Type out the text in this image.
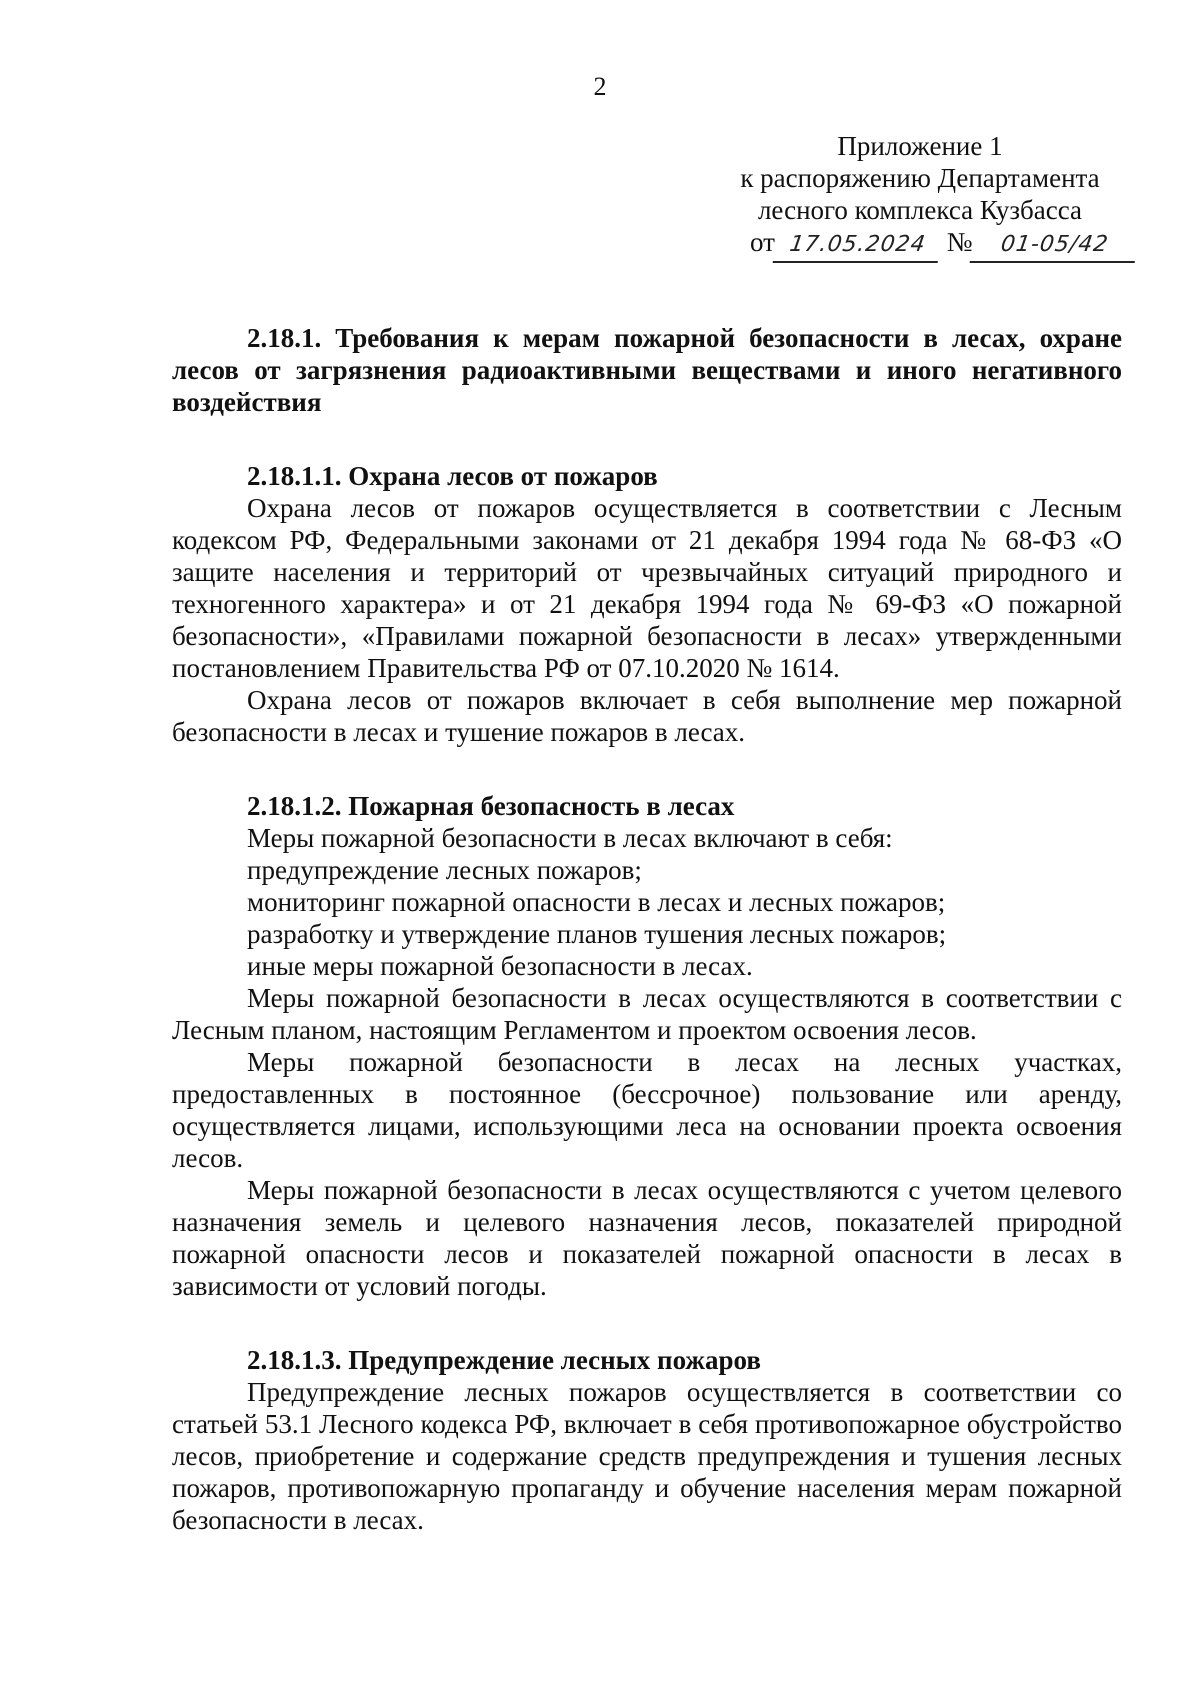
2
Приложение 1
к распоряжению Департамента
лесного комплекса Кузбасса
от 17.05.2024 № 01-05/42

2.18.1. Требования к мерам пожарной безопасности в лесах, охране лесов от загрязнения радиоактивными веществами и иного негативного воздействия

2.18.1.1. Охрана лесов от пожаров

Охрана лесов от пожаров осуществляется в соответствии с Лесным кодексом РФ, Федеральными законами от 21 декабря 1994 года № 68-ФЗ «О защите населения и территорий от чрезвычайных ситуаций природного и техногенного характера» и от 21 декабря 1994 года № 69-ФЗ «О пожарной безопасности», «Правилами пожарной безопасности в лесах» утвержденными постановлением Правительства РФ от 07.10.2020 № 1614.

Охрана лесов от пожаров включает в себя выполнение мер пожарной безопасности в лесах и тушение пожаров в лесах.

2.18.1.2. Пожарная безопасность в лесах

Меры пожарной безопасности в лесах включают в себя:

предупреждение лесных пожаров;

мониторинг пожарной опасности в лесах и лесных пожаров;

разработку и утверждение планов тушения лесных пожаров;

иные меры пожарной безопасности в лесах.

Меры пожарной безопасности в лесах осуществляются в соответствии с Лесным планом, настоящим Регламентом и проектом освоения лесов.

Меры пожарной безопасности в лесах на лесных участках, предоставленных в постоянное (бессрочное) пользование или аренду, осуществляется лицами, использующими леса на основании проекта освоения лесов.

Меры пожарной безопасности в лесах осуществляются с учетом целевого назначения земель и целевого назначения лесов, показателей природной пожарной опасности лесов и показателей пожарной опасности в лесах в зависимости от условий погоды.

2.18.1.3. Предупреждение лесных пожаров

Предупреждение лесных пожаров осуществляется в соответствии со статьей 53.1 Лесного кодекса РФ, включает в себя противопожарное обустройство лесов, приобретение и содержание средств предупреждения и тушения лесных пожаров, противопожарную пропаганду и обучение населения мерам пожарной безопасности в лесах.
